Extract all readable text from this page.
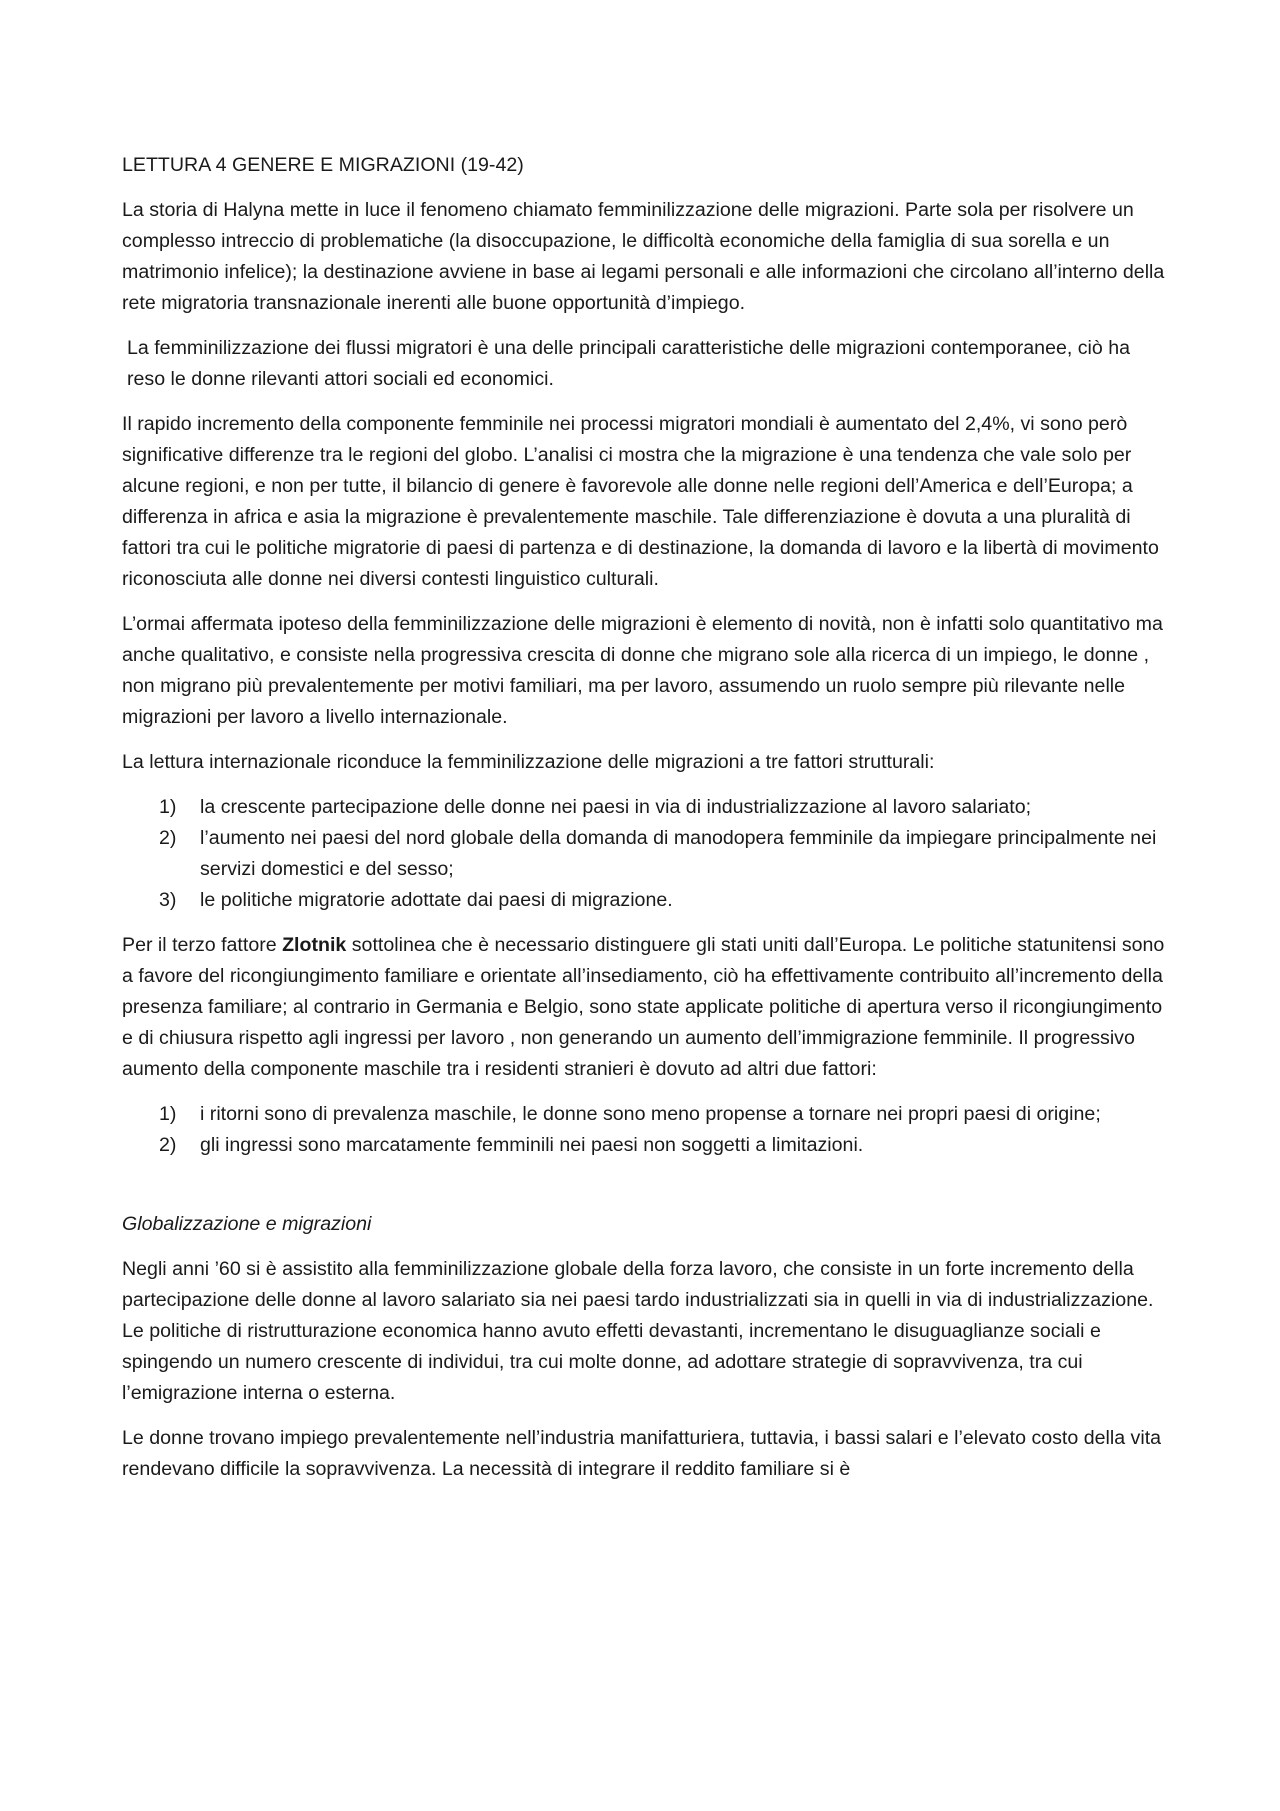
LETTURA 4 GENERE E MIGRAZIONI (19-42)

La storia di Halyna mette in luce il fenomeno chiamato femminilizzazione delle migrazioni. Parte sola per risolvere un complesso intreccio di problematiche (la disoccupazione, le difficoltà economiche della famiglia di sua sorella e un matrimonio infelice); la destinazione avviene in base ai legami personali e alle informazioni che circolano all’interno della rete migratoria transnazionale inerenti alle buone opportunità d’impiego.

La femminilizzazione dei flussi migratori è una delle principali caratteristiche delle migrazioni contemporanee, ciò ha reso le donne rilevanti attori sociali ed economici.

Il rapido incremento della componente femminile nei processi migratori mondiali è aumentato del 2,4%, vi sono però significative differenze tra le regioni del globo. L’analisi ci mostra che la migrazione è una tendenza che vale solo per alcune regioni, e non per tutte, il bilancio di genere è favorevole alle donne nelle regioni dell’America e dell’Europa; a differenza in africa e asia la migrazione è prevalentemente maschile. Tale differenziazione è dovuta a una pluralità di fattori tra cui le politiche migratorie di paesi di partenza e di destinazione, la domanda di lavoro e la libertà di movimento riconosciuta alle donne nei diversi contesti linguistico culturali.

L’ormai affermata ipoteso della femminilizzazione delle migrazioni è elemento di novità, non è infatti solo quantitativo ma anche qualitativo, e consiste nella progressiva crescita di donne che migrano sole alla ricerca di un impiego, le donne , non migrano più prevalentemente per motivi familiari, ma per lavoro, assumendo un ruolo sempre più rilevante nelle migrazioni per lavoro a livello internazionale.

La lettura internazionale riconduce la femminilizzazione delle migrazioni a tre fattori strutturali:

1) la crescente partecipazione delle donne nei paesi in via di industrializzazione al lavoro salariato;
2) l’aumento nei paesi del nord globale della domanda di manodopera femminile da impiegare principalmente nei servizi domestici e del sesso;
3) le politiche migratorie adottate dai paesi di migrazione.

Per il terzo fattore Zlotnik sottolinea che è necessario distinguere gli stati uniti dall’Europa. Le politiche statunitensi sono a favore del ricongiungimento familiare e orientate all’insediamento, ciò ha effettivamente contribuito all’incremento della presenza familiare; al contrario in Germania e Belgio, sono state applicate politiche di apertura verso il ricongiungimento e di chiusura rispetto agli ingressi per lavoro , non generando un aumento dell’immigrazione femminile. Il progressivo aumento della componente maschile tra i residenti stranieri è dovuto ad altri due fattori:

1) i ritorni sono di prevalenza maschile, le donne sono meno propense a tornare nei propri paesi di origine;
2) gli ingressi sono marcatamente femminili nei paesi non soggetti a limitazioni.

Globalizzazione e migrazioni

Negli anni ’60 si è assistito alla femminilizzazione globale della forza lavoro, che consiste in un forte incremento della partecipazione delle donne al lavoro salariato sia nei paesi tardo industrializzati sia in quelli in via di industrializzazione. Le politiche di ristrutturazione economica hanno avuto effetti devastanti, incrementano le disuguaglianze sociali e spingendo un numero crescente di individui, tra cui molte donne, ad adottare strategie di sopravvivenza, tra cui l’emigrazione interna o esterna.

Le donne trovano impiego prevalentemente nell’industria manifatturiera, tuttavia, i bassi salari e l’elevato costo della vita rendevano difficile la sopravvivenza. La necessità di integrare il reddito familiare si è
